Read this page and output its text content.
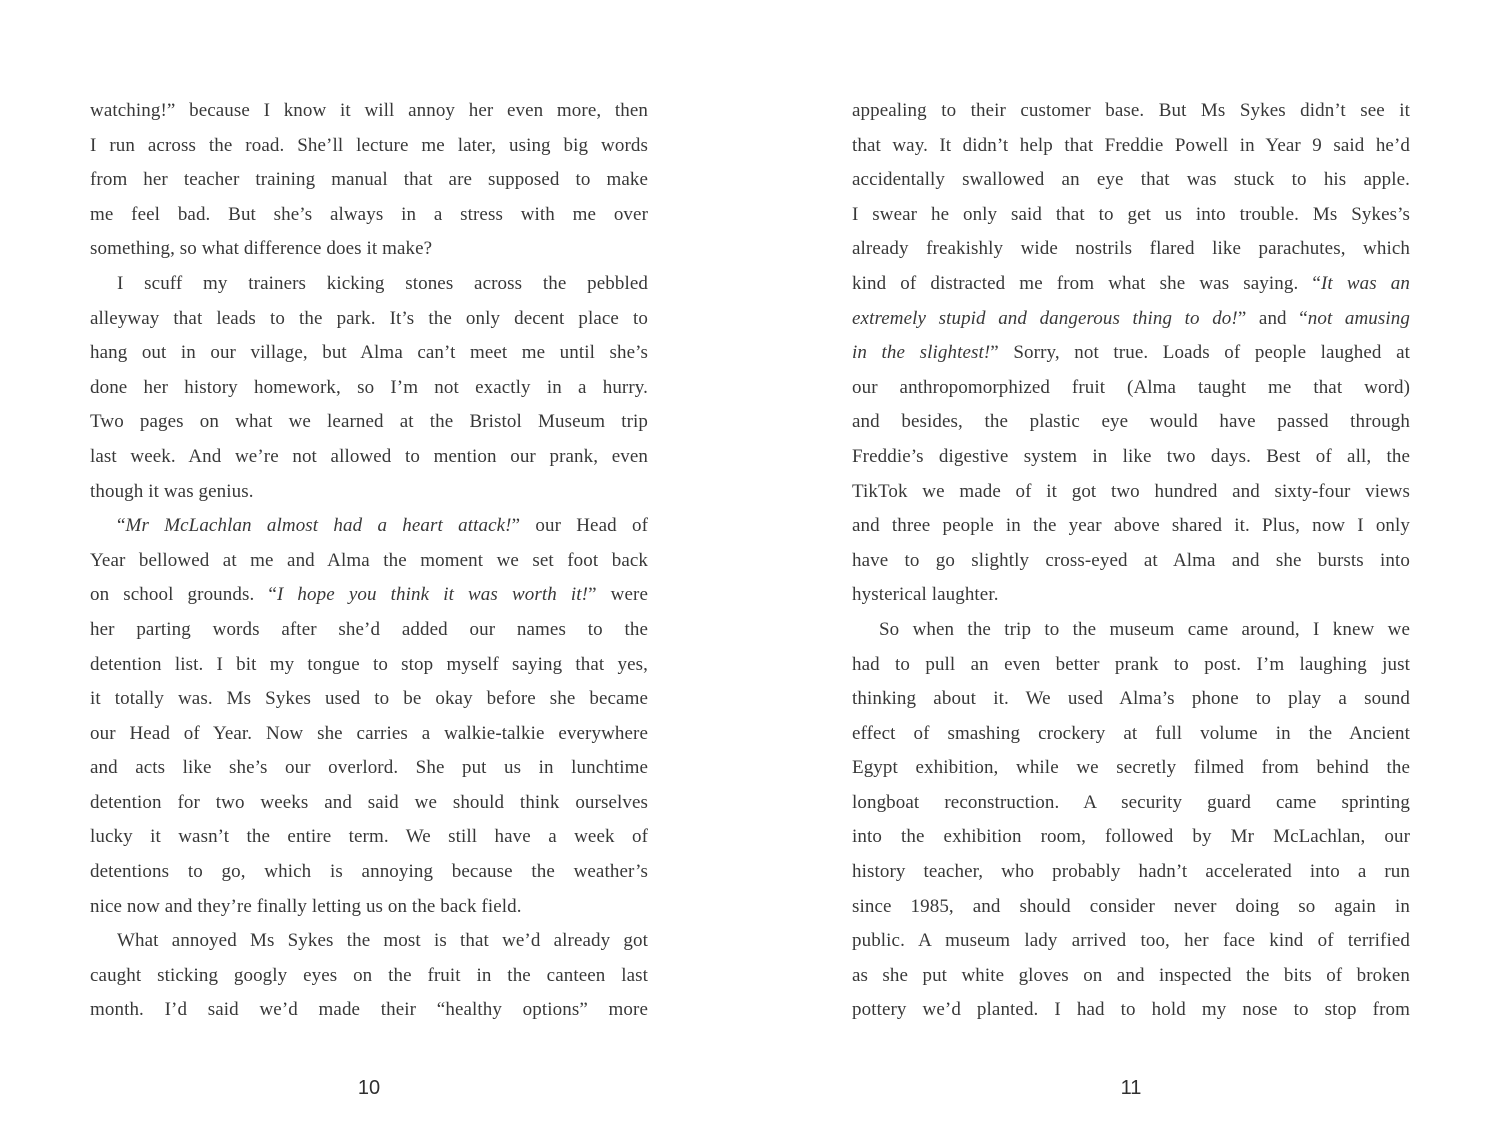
watching!” because I know it will annoy her even more, then
I run across the road. She’ll lecture me later, using big words
from her teacher training manual that are supposed to make
me feel bad. But she’s always in a stress with me over
something, so what difference does it make?
I scuff my trainers kicking stones across the pebbled
alleyway that leads to the park. It’s the only decent place to
hang out in our village, but Alma can’t meet me until she’s
done her history homework, so I’m not exactly in a hurry.
Two pages on what we learned at the Bristol Museum trip
last week. And we’re not allowed to mention our prank, even
though it was genius.
“Mr McLachlan almost had a heart attack!” our Head of
Year bellowed at me and Alma the moment we set foot back
on school grounds. “I hope you think it was worth it!” were
her parting words after she’d added our names to the
detention list. I bit my tongue to stop myself saying that yes,
it totally was. Ms Sykes used to be okay before she became
our Head of Year. Now she carries a walkie-talkie everywhere
and acts like she’s our overlord. She put us in lunchtime
detention for two weeks and said we should think ourselves
lucky it wasn’t the entire term. We still have a week of
detentions to go, which is annoying because the weather’s
nice now and they’re finally letting us on the back field.
What annoyed Ms Sykes the most is that we’d already got
caught sticking googly eyes on the fruit in the canteen last
month. I’d said we’d made their “healthy options” more
10
appealing to their customer base. But Ms Sykes didn’t see it
that way. It didn’t help that Freddie Powell in Year 9 said he’d
accidentally swallowed an eye that was stuck to his apple.
I swear he only said that to get us into trouble. Ms Sykes’s
already freakishly wide nostrils flared like parachutes, which
kind of distracted me from what she was saying. “It was an
extremely stupid and dangerous thing to do!” and “not amusing
in the slightest!” Sorry, not true. Loads of people laughed at
our anthropomorphized fruit (Alma taught me that word)
and besides, the plastic eye would have passed through
Freddie’s digestive system in like two days. Best of all, the
TikTok we made of it got two hundred and sixty-four views
and three people in the year above shared it. Plus, now I only
have to go slightly cross-eyed at Alma and she bursts into
hysterical laughter.
So when the trip to the museum came around, I knew we
had to pull an even better prank to post. I’m laughing just
thinking about it. We used Alma’s phone to play a sound
effect of smashing crockery at full volume in the Ancient
Egypt exhibition, while we secretly filmed from behind the
longboat reconstruction. A security guard came sprinting
into the exhibition room, followed by Mr McLachlan, our
history teacher, who probably hadn’t accelerated into a run
since 1985, and should consider never doing so again in
public. A museum lady arrived too, her face kind of terrified
as she put white gloves on and inspected the bits of broken
pottery we’d planted. I had to hold my nose to stop from
11
